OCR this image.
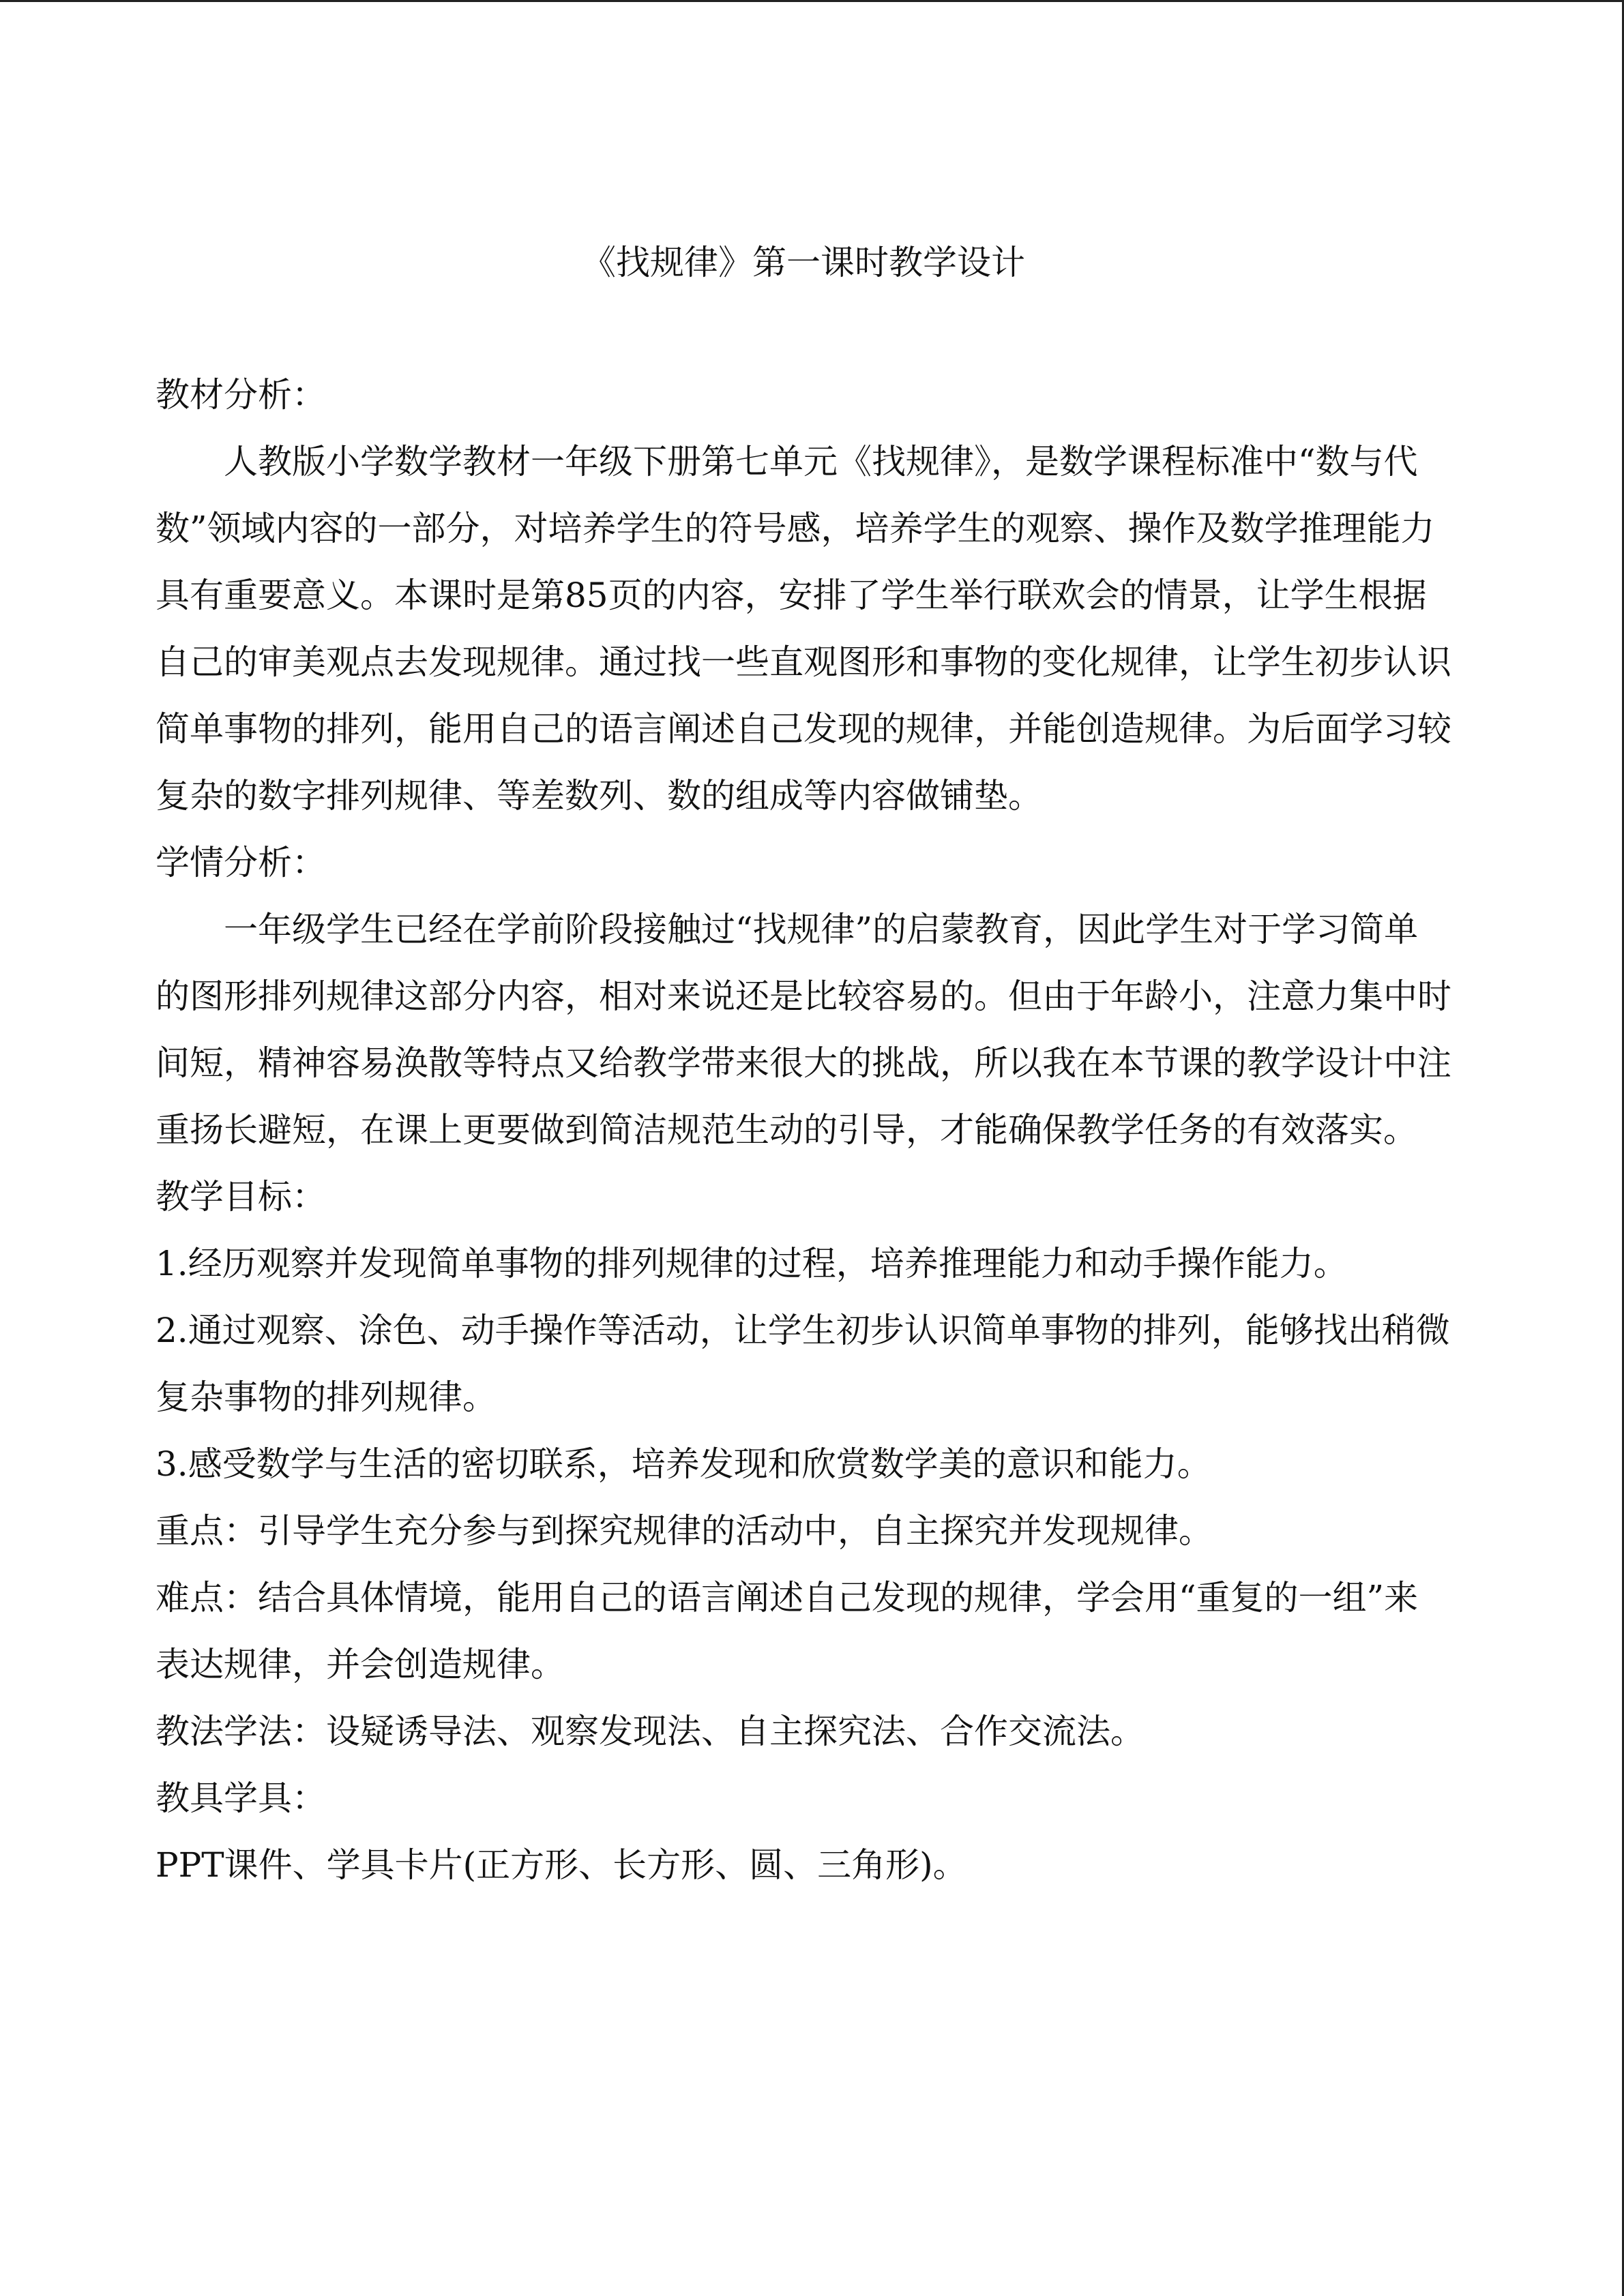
《找规律》第一课时教学设计

教材分析：

人教版小学数学教材一年级下册第七单元《找规律》，是数学课程标准中“数与代数”领域内容的一部分，对培养学生的符号感，培养学生的观察、操作及数学推理能力具有重要意义。本课时是第85页的内容，安排了学生举行联欢会的情景，让学生根据自己的审美观点去发现规律。通过找一些直观图形和事物的变化规律，让学生初步认识简单事物的排列，能用自己的语言阐述自己发现的规律，并能创造规律。为后面学习较复杂的数字排列规律、等差数列、数的组成等内容做铺垫。

学情分析：

一年级学生已经在学前阶段接触过“找规律”的启蒙教育，因此学生对于学习简单的图形排列规律这部分内容，相对来说还是比较容易的。但由于年龄小，注意力集中时间短，精神容易涣散等特点又给教学带来很大的挑战，所以我在本节课的教学设计中注重扬长避短，在课上更要做到简洁规范生动的引导，才能确保教学任务的有效落实。

教学目标：

1.经历观察并发现简单事物的排列规律的过程，培养推理能力和动手操作能力。

2.通过观察、涂色、动手操作等活动，让学生初步认识简单事物的排列，能够找出稍微复杂事物的排列规律。

3.感受数学与生活的密切联系，培养发现和欣赏数学美的意识和能力。

重点：引导学生充分参与到探究规律的活动中，自主探究并发现规律。

难点：结合具体情境，能用自己的语言阐述自己发现的规律，学会用“重复的一组”来表达规律，并会创造规律。

教法学法：设疑诱导法、观察发现法、自主探究法、合作交流法。

教具学具：

PPT课件、学具卡片(正方形、长方形、圆、三角形)。
